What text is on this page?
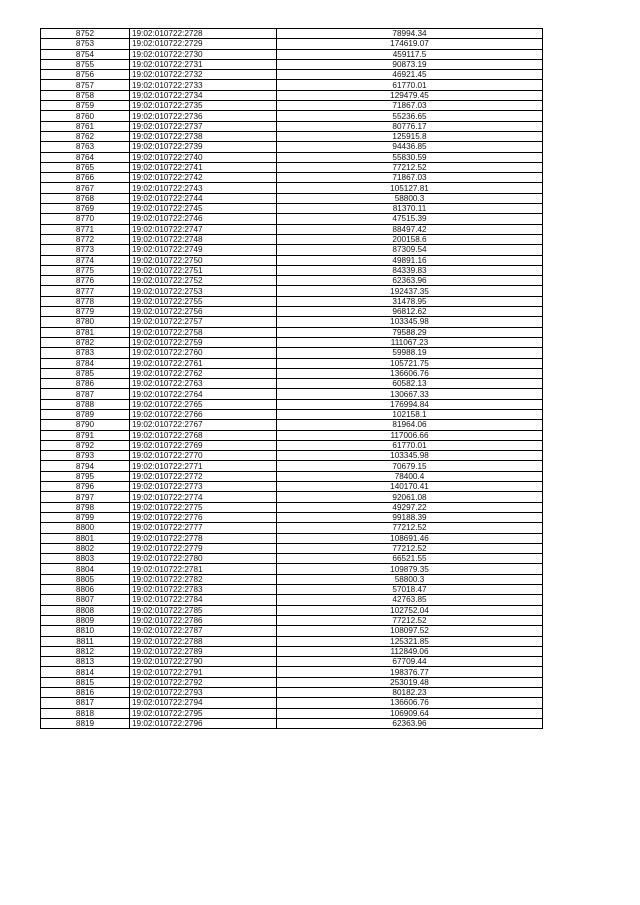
8752	19:02:010722:2728	78994.34
8753	19:02:010722:2729	174619.07
8754	19:02:010722:2730	459117.5
8755	19:02:010722:2731	90873.19
8756	19:02:010722:2732	46921.45
8757	19:02:010722:2733	61770.01
8758	19:02:010722:2734	129479.45
8759	19:02:010722:2735	71867.03
8760	19:02:010722:2736	55236.65
8761	19:02:010722:2737	80776.17
8762	19:02:010722:2738	125915.8
8763	19:02:010722:2739	94436.85
8764	19:02:010722:2740	55830.59
8765	19:02:010722:2741	77212.52
8766	19:02:010722:2742	71867.03
8767	19:02:010722:2743	105127.81
8768	19:02:010722:2744	58800.3
8769	19:02:010722:2745	81370.11
8770	19:02:010722:2746	47515.39
8771	19:02:010722:2747	88497.42
8772	19:02:010722:2748	200158.6
8773	19:02:010722:2749	87309.54
8774	19:02:010722:2750	49891.16
8775	19:02:010722:2751	84339.83
8776	19:02:010722:2752	62363.96
8777	19:02:010722:2753	192437.35
8778	19:02:010722:2755	31478.95
8779	19:02:010722:2756	96812.62
8780	19:02:010722:2757	103345.98
8781	19:02:010722:2758	79588.29
8782	19:02:010722:2759	111067.23
8783	19:02:010722:2760	59988.19
8784	19:02:010722:2761	105721.75
8785	19:02:010722:2762	136606.76
8786	19:02:010722:2763	60582.13
8787	19:02:010722:2764	130667.33
8788	19:02:010722:2765	176994.84
8789	19:02:010722:2766	102158.1
8790	19:02:010722:2767	81964.06
8791	19:02:010722:2768	117006.66
8792	19:02:010722:2769	61770.01
8793	19:02:010722:2770	103345.98
8794	19:02:010722:2771	70679.15
8795	19:02:010722:2772	78400.4
8796	19:02:010722:2773	140170.41
8797	19:02:010722:2774	92061.08
8798	19:02:010722:2775	49297.22
8799	19:02:010722:2776	99188.39
8800	19:02:010722:2777	77212.52
8801	19:02:010722:2778	108691.46
8802	19:02:010722:2779	77212.52
8803	19:02:010722:2780	66521.55
8804	19:02:010722:2781	109879.35
8805	19:02:010722:2782	58800.3
8806	19:02:010722:2783	57018.47
8807	19:02:010722:2784	42763.85
8808	19:02:010722:2785	102752.04
8809	19:02:010722:2786	77212.52
8810	19:02:010722:2787	108097.52
8811	19:02:010722:2788	125321.85
8812	19:02:010722:2789	112849.06
8813	19:02:010722:2790	67709.44
8814	19:02:010722:2791	198376.77
8815	19:02:010722:2792	253019.48
8816	19:02:010722:2793	80182.23
8817	19:02:010722:2794	136606.76
8818	19:02:010722:2795	106909.64
8819	19:02:010722:2796	62363.96
